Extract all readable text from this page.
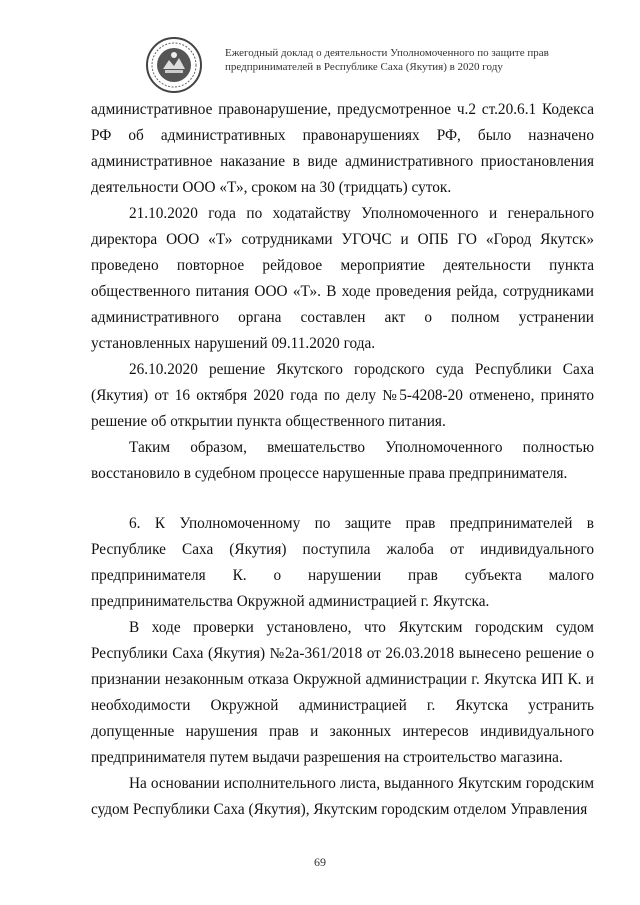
Ежегодный доклад о деятельности Уполномоченного по защите прав
предпринимателей в Республике Саха (Якутия) в 2020 году

административное правонарушение, предусмотренное ч.2 ст.20.6.1 Кодекса РФ об административных правонарушениях РФ, было назначено административное наказание в виде административного приостановления деятельности ООО «Т», сроком на 30 (тридцать) суток.

21.10.2020 года по ходатайству Уполномоченного и генерального директора ООО «Т» сотрудниками УГОЧС и ОПБ ГО «Город Якутск» проведено повторное рейдовое мероприятие деятельности пункта общественного питания ООО «Т». В ходе проведения рейда, сотрудниками административного органа составлен акт о полном устранении установленных нарушений 09.11.2020 года.

26.10.2020 решение Якутского городского суда Республики Саха (Якутия) от 16 октября 2020 года по делу №5-4208-20 отменено, принято решение об открытии пункта общественного питания.

Таким образом, вмешательство Уполномоченного полностью восстановило в судебном процессе нарушенные права предпринимателя.

6. К Уполномоченному по защите прав предпринимателей в Республике Саха (Якутия) поступила жалоба от индивидуального предпринимателя К. о нарушении прав субъекта малого предпринимательства Окружной администрацией г. Якутска.

В ходе проверки установлено, что Якутским городским судом Республики Саха (Якутия) №2а-361/2018 от 26.03.2018 вынесено решение о признании незаконным отказа Окружной администрации г. Якутска ИП К. и необходимости Окружной администрацией г. Якутска устранить допущенные нарушения прав и законных интересов индивидуального предпринимателя путем выдачи разрешения на строительство магазина.

На основании исполнительного листа, выданного Якутским городским судом Республики Саха (Якутия), Якутским городским отделом Управления

69
